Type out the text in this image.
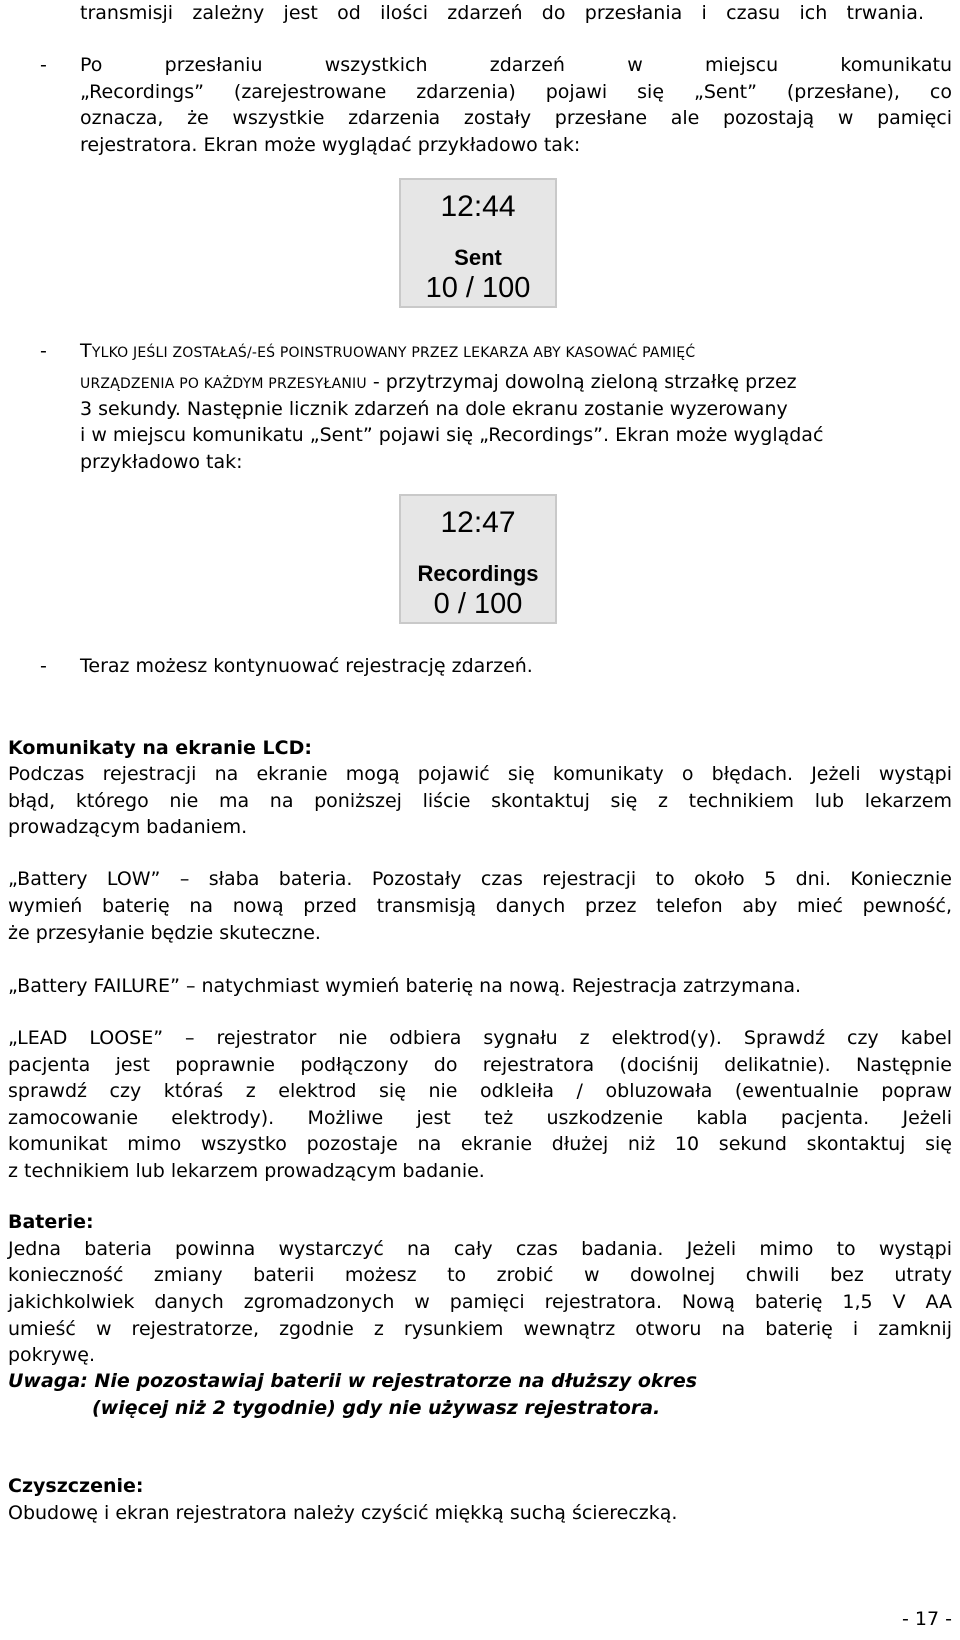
transmisji zależny jest od ilości zdarzeń do przesłania i czasu ich trwania.
- Po przesłaniu wszystkich zdarzeń w miejscu komunikatu
„Recordings” (zarejestrowane zdarzenia) pojawi się „Sent” (przesłane), co
oznacza, że wszystkie zdarzenia zostały przesłane ale pozostają w pamięci
rejestratora. Ekran może wyglądać przykładowo tak:
12:44
Sent
10 / 100
- TYLKO JEŚLI ZOSTAŁAŚ/-EŚ POINSTRUOWANY PRZEZ LEKARZA ABY KASOWAĆ PAMIĘĆ
URZĄDZENIA PO KAŻDYM PRZESYŁANIU - przytrzymaj dowolną zieloną strzałkę przez
3 sekundy. Następnie licznik zdarzeń na dole ekranu zostanie wyzerowany
i w miejscu komunikatu „Sent” pojawi się „Recordings”. Ekran może wyglądać
przykładowo tak:
12:47
Recordings
0 / 100
- Teraz możesz kontynuować rejestrację zdarzeń.
Komunikaty na ekranie LCD:
Podczas rejestracji na ekranie mogą pojawić się komunikaty o błędach. Jeżeli wystąpi
błąd, którego nie ma na poniższej liście skontaktuj się z technikiem lub lekarzem
prowadzącym badaniem.
„Battery LOW” – słaba bateria. Pozostały czas rejestracji to około 5 dni. Koniecznie
wymień baterię na nową przed transmisją danych przez telefon aby mieć pewność,
że przesyłanie będzie skuteczne.
„Battery FAILURE” – natychmiast wymień baterię na nową. Rejestracja zatrzymana.
„LEAD LOOSE” – rejestrator nie odbiera sygnału z elektrod(y). Sprawdź czy kabel
pacjenta jest poprawnie podłączony do rejestratora (dociśnij delikatnie). Następnie
sprawdź czy któraś z elektrod się nie odkleiła / obluzowała (ewentualnie popraw
zamocowanie elektrody). Możliwe jest też uszkodzenie kabla pacjenta. Jeżeli
komunikat mimo wszystko pozostaje na ekranie dłużej niż 10 sekund skontaktuj się
z technikiem lub lekarzem prowadzącym badanie.
Baterie:
Jedna bateria powinna wystarczyć na cały czas badania. Jeżeli mimo to wystąpi
konieczność zmiany baterii możesz to zrobić w dowolnej chwili bez utraty
jakichkolwiek danych zgromadzonych w pamięci rejestratora. Nową baterię 1,5 V AA
umieść w rejestratorze, zgodnie z rysunkiem wewnątrz otworu na baterię i zamknij
pokrywę.
Uwaga: Nie pozostawiaj baterii w rejestratorze na dłuższy okres
(więcej niż 2 tygodnie) gdy nie używasz rejestratora.
Czyszczenie:
Obudowę i ekran rejestratora należy czyścić miękką suchą ściereczką.
- 17 -
